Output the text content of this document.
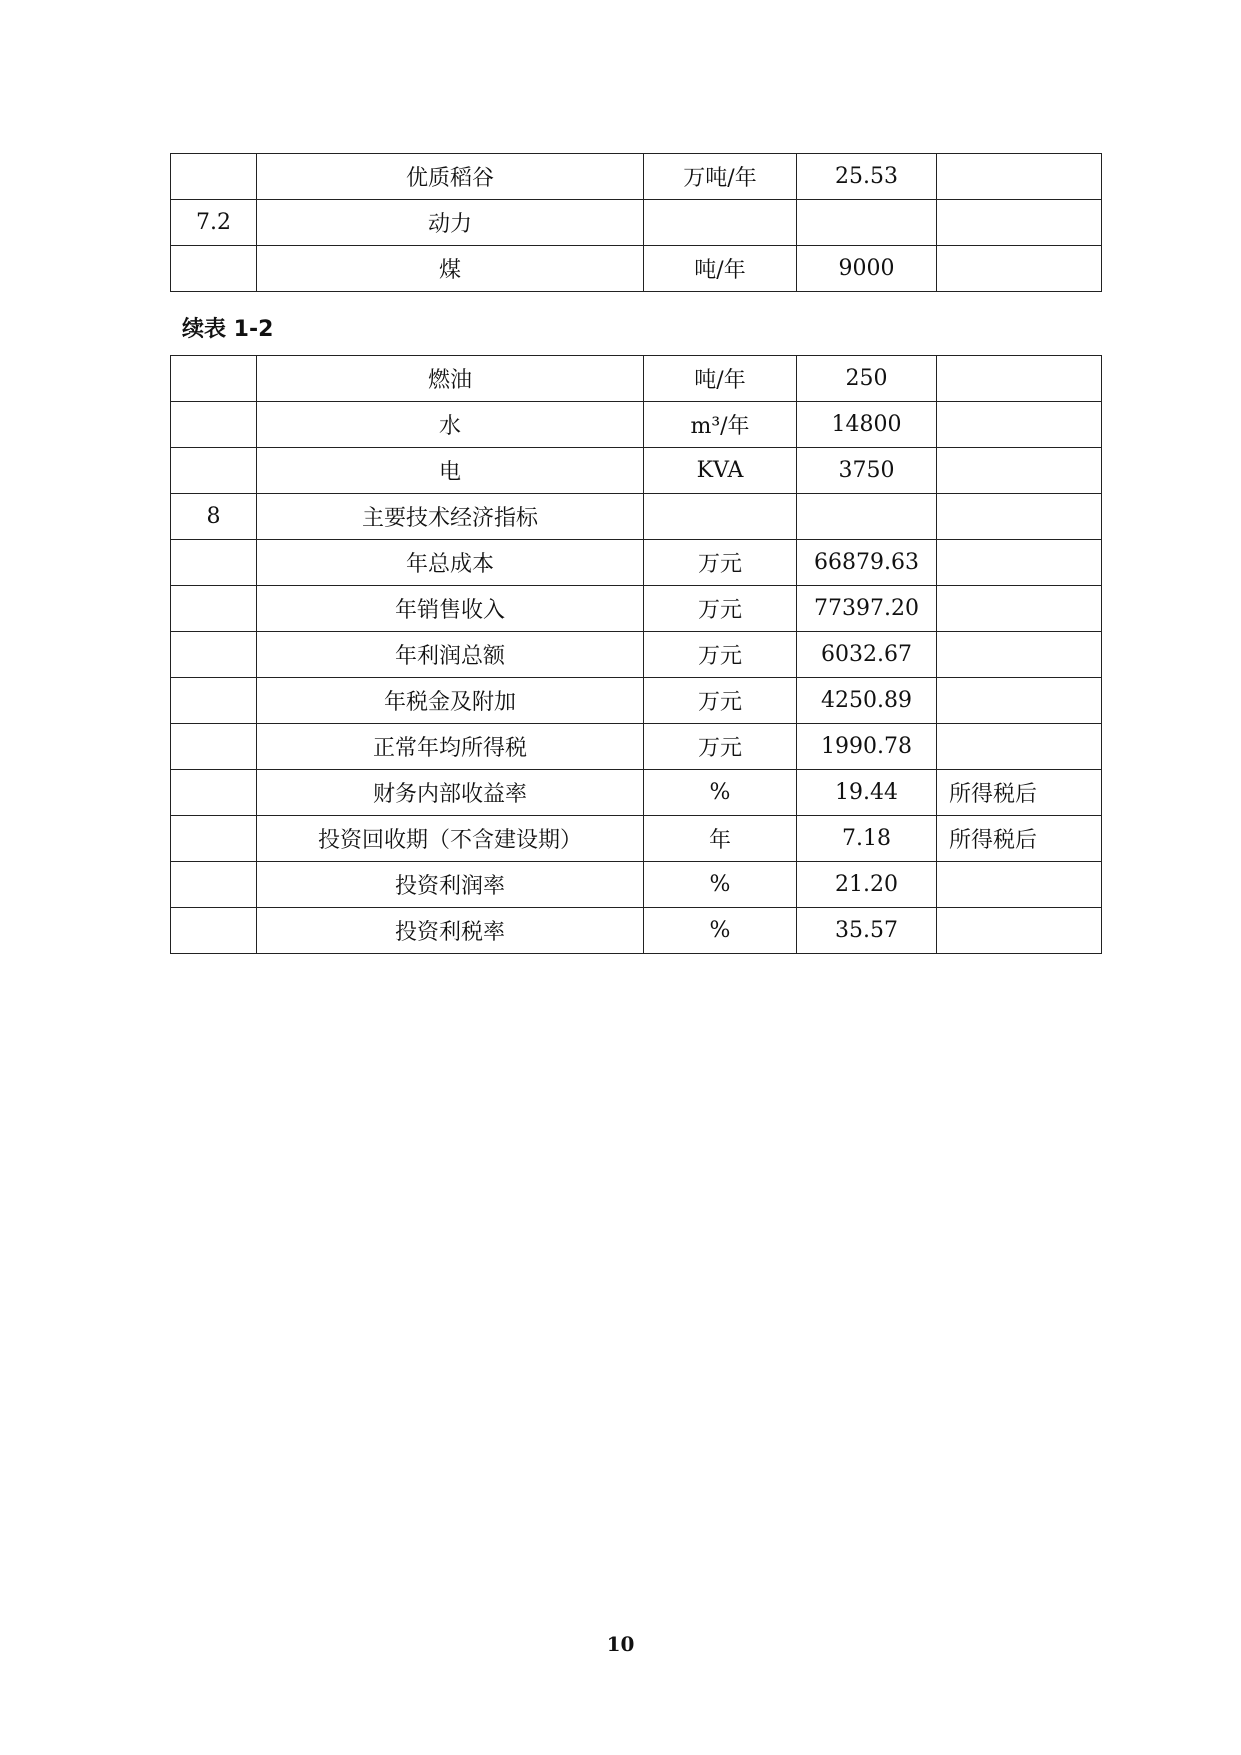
	优质稻谷	万吨/年	25.53	
7.2	动力			
	煤	吨/年	9000	
续表 1-2
	燃油	吨/年	250	
	水	m³/年	14800	
	电	KVA	3750	
8	主要技术经济指标			
	年总成本	万元	66879.63	
	年销售收入	万元	77397.20	
	年利润总额	万元	6032.67	
	年税金及附加	万元	4250.89	
	正常年均所得税	万元	1990.78	
	财务内部收益率	%	19.44	所得税后
	投资回收期（不含建设期）	年	7.18	所得税后
	投资利润率	%	21.20	
	投资利税率	%	35.57	
10
